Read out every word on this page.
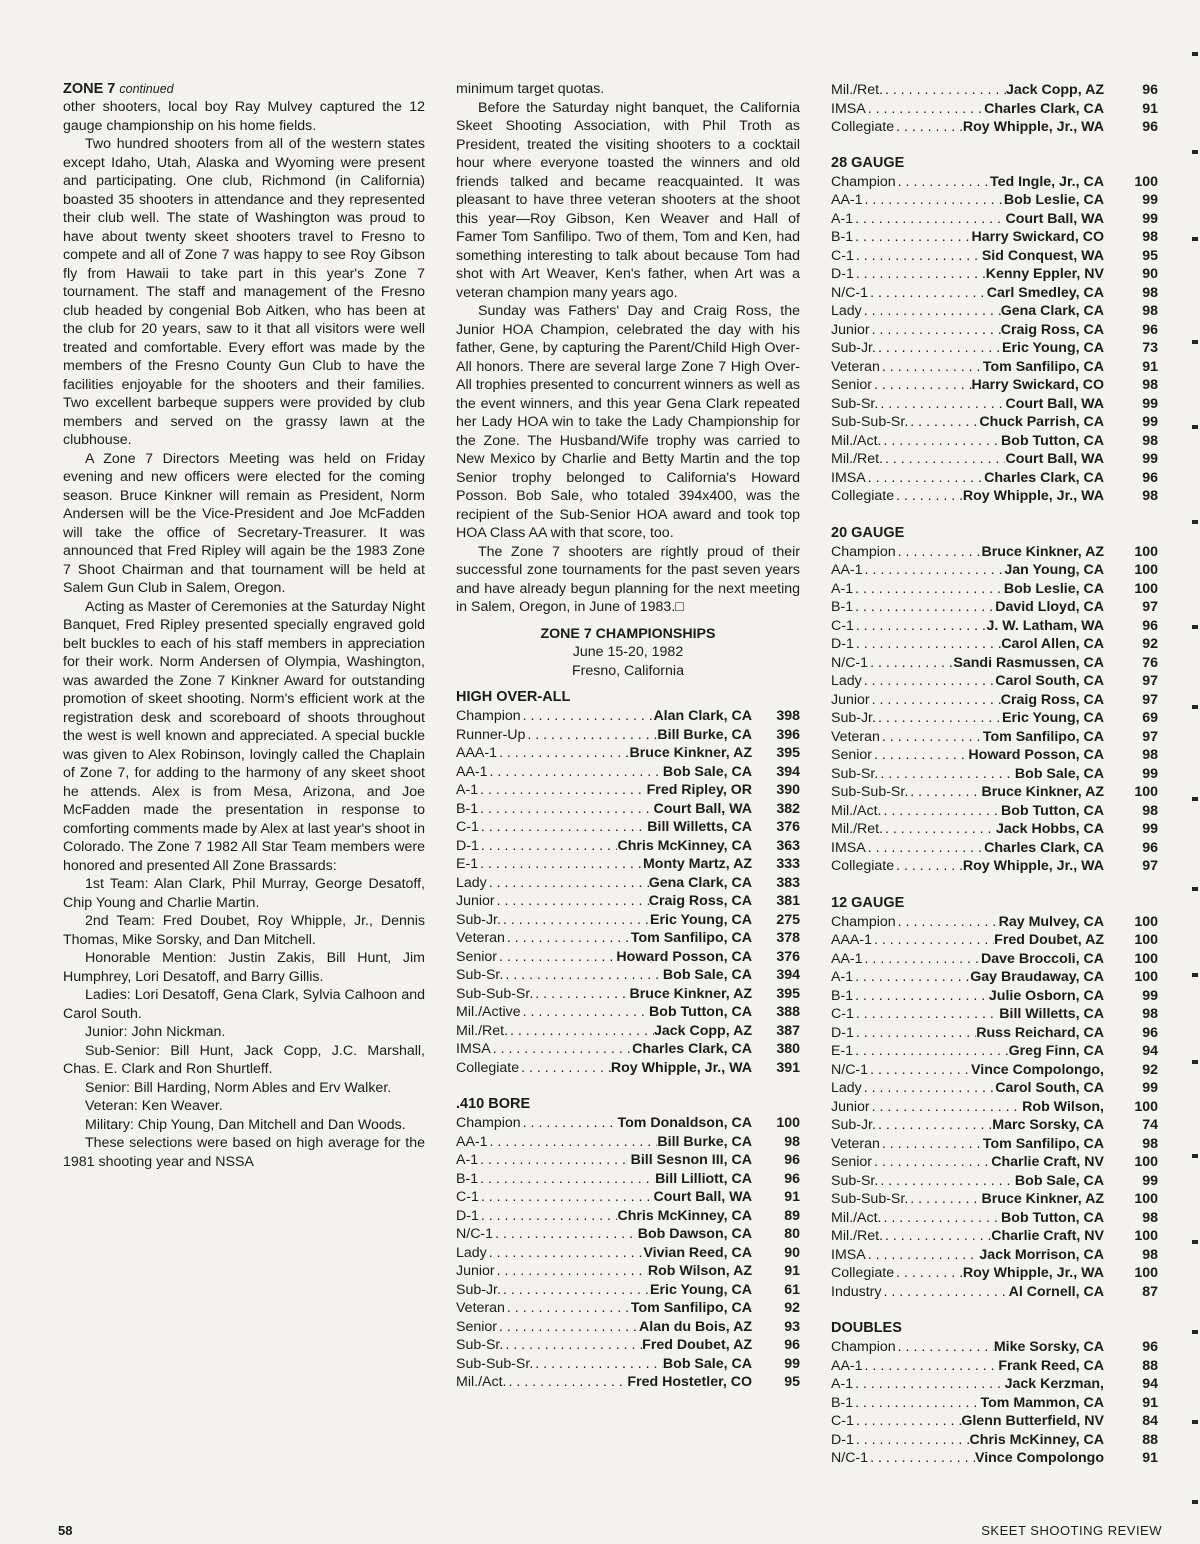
ZONE 7 continued

other shooters, local boy Ray Mulvey captured the 12 gauge championship on his home fields.

Two hundred shooters from all of the western states except Idaho, Utah, Alaska and Wyoming were present and participating. One club, Richmond (in California) boasted 35 shooters in attendance and they represented their club well. The state of Washington was proud to have about twenty skeet shooters travel to Fresno to compete and all of Zone 7 was happy to see Roy Gibson fly from Hawaii to take part in this year's Zone 7 tournament. The staff and management of the Fresno club headed by congenial Bob Aitken, who has been at the club for 20 years, saw to it that all visitors were well treated and comfortable. Every effort was made by the members of the Fresno County Gun Club to have the facilities enjoyable for the shooters and their families. Two excellent barbeque suppers were provided by club members and served on the grassy lawn at the clubhouse.

A Zone 7 Directors Meeting was held on Friday evening and new officers were elected for the coming season. Bruce Kinkner will remain as President, Norm Andersen will be the Vice-President and Joe McFadden will take the office of Secretary-Treasurer. It was announced that Fred Ripley will again be the 1983 Zone 7 Shoot Chairman and that tournament will be held at Salem Gun Club in Salem, Oregon.

Acting as Master of Ceremonies at the Saturday Night Banquet, Fred Ripley presented specially engraved gold belt buckles to each of his staff members in appreciation for their work. Norm Andersen of Olympia, Washington, was awarded the Zone 7 Kinkner Award for outstanding promotion of skeet shooting. Norm's efficient work at the registration desk and scoreboard of shoots throughout the west is well known and appreciated. A special buckle was given to Alex Robinson, lovingly called the Chaplain of Zone 7, for adding to the harmony of any skeet shoot he attends. Alex is from Mesa, Arizona, and Joe McFadden made the presentation in response to comforting comments made by Alex at last year's shoot in Colorado. The Zone 7 1982 All Star Team members were honored and presented All Zone Brassards:

1st Team: Alan Clark, Phil Murray, George Desatoff, Chip Young and Charlie Martin.

2nd Team: Fred Doubet, Roy Whipple, Jr., Dennis Thomas, Mike Sorsky, and Dan Mitchell.

Honorable Mention: Justin Zakis, Bill Hunt, Jim Humphrey, Lori Desatoff, and Barry Gillis.

Ladies: Lori Desatoff, Gena Clark, Sylvia Calhoon and Carol South.

Junior: John Nickman.

Sub-Senior: Bill Hunt, Jack Copp, J.C. Marshall, Chas. E. Clark and Ron Shurtleff.

Senior: Bill Harding, Norm Ables and Erv Walker.

Veteran: Ken Weaver.

Military: Chip Young, Dan Mitchell and Dan Woods.

These selections were based on high average for the 1981 shooting year and NSSA

minimum target quotas.

Before the Saturday night banquet, the California Skeet Shooting Association, with Phil Troth as President, treated the visiting shooters to a cocktail hour where everyone toasted the winners and old friends talked and became reacquainted. It was pleasant to have three veteran shooters at the shoot this year—Roy Gibson, Ken Weaver and Hall of Famer Tom Sanfilipo. Two of them, Tom and Ken, had something interesting to talk about because Tom had shot with Art Weaver, Ken's father, when Art was a veteran champion many years ago.

Sunday was Fathers' Day and Craig Ross, the Junior HOA Champion, celebrated the day with his father, Gene, by capturing the Parent/Child High Over-All honors. There are several large Zone 7 High Over-All trophies presented to concurrent winners as well as the event winners, and this year Gena Clark repeated her Lady HOA win to take the Lady Championship for the Zone. The Husband/Wife trophy was carried to New Mexico by Charlie and Betty Martin and the top Senior trophy belonged to California's Howard Posson. Bob Sale, who totaled 394x400, was the recipient of the Sub-Senior HOA award and took top HOA Class AA with that score, too.

The Zone 7 shooters are rightly proud of their successful zone tournaments for the past seven years and have already begun planning for the next meeting in Salem, Oregon, in June of 1983.□

ZONE 7 CHAMPIONSHIPS
June 15-20, 1982
Fresno, California
HIGH OVER-ALL
Champion . . .	Alan Clark, CA	398
Runner-Up . . .	Bill Burke, CA	396
AAA-1 . . .	Bruce Kinkner, AZ	395
AA-1 . . .	Bob Sale, CA	394
A-1 . . .	Fred Ripley, OR	390
B-1 . . .	Court Ball, WA	382
C-1 . . .	Bill Willetts, CA	376
D-1 . . .	Chris McKinney, CA	363
E-1 . . .	Monty Martz, AZ	333
Lady . . .	Gena Clark, CA	383
Junior . . .	Craig Ross, CA	381
Sub-Jr. . . .	Eric Young, CA	275
Veteran . . .	Tom Sanfilipo, CA	378
Senior . . .	Howard Posson, CA	376
Sub-Sr. . . .	Bob Sale, CA	394
Sub-Sub-Sr. . . .	Bruce Kinkner, AZ	395
Mil./Active . . .	Bob Tutton, CA	388
Mil./Ret. . . .	Jack Copp, AZ	387
IMSA . . .	Charles Clark, CA	380
Collegiate . . .	Roy Whipple, Jr., WA	391
.410 BORE
Champion . . .	Tom Donaldson, CA	100
AA-1 . . .	Bill Burke, CA	98
A-1 . . .	Bill Sesnon III, CA	96
B-1 . . .	Bill Lilliott, CA	96
C-1 . . .	Court Ball, WA	91
D-1 . . .	Chris McKinney, CA	89
N/C-1 . . .	Bob Dawson, CA	80
Lady . . .	Vivian Reed, CA	90
Junior . . .	Rob Wilson, AZ	91
Sub-Jr. . . .	Eric Young, CA	61
Veteran . . .	Tom Sanfilipo, CA	92
Senior . . .	Alan du Bois, AZ	93
Sub-Sr. . . .	Fred Doubet, AZ	96
Sub-Sub-Sr. . . .	Bob Sale, CA	99
Mil./Act. . . .	Fred Hostetler, CO	95
Mil./Ret. . . .	Jack Copp, AZ	96
IMSA . . .	Charles Clark, CA	91
Collegiate . . .	Roy Whipple, Jr., WA	96
28 GAUGE
Champion . . .	Ted Ingle, Jr., CA	100
AA-1 . . .	Bob Leslie, CA	99
A-1 . . .	Court Ball, WA	99
B-1 . . .	Harry Swickard, CO	98
C-1 . . .	Sid Conquest, WA	95
D-1 . . .	Kenny Eppler, NV	90
N/C-1 . . .	Carl Smedley, CA	98
Lady . . .	Gena Clark, CA	98
Junior . . .	Craig Ross, CA	96
Sub-Jr. . . .	Eric Young, CA	73
Veteran . . .	Tom Sanfilipo, CA	91
Senior . . .	Harry Swickard, CO	98
Sub-Sr. . . .	Court Ball, WA	99
Sub-Sub-Sr. . . .	Chuck Parrish, CA	99
Mil./Act. . . .	Bob Tutton, CA	98
Mil./Ret. . . .	Court Ball, WA	99
IMSA . . .	Charles Clark, CA	96
Collegiate . . .	Roy Whipple, Jr., WA	98
20 GAUGE
Champion . . .	Bruce Kinkner, AZ	100
AA-1 . . .	Jan Young, CA	100
A-1 . . .	Bob Leslie, CA	100
B-1 . . .	David Lloyd, CA	97
C-1 . . .	J. W. Latham, WA	96
D-1 . . .	Carol Allen, CA	92
N/C-1 . . .	Sandi Rasmussen, CA	76
Lady . . .	Carol South, CA	97
Junior . . .	Craig Ross, CA	97
Sub-Jr. . . .	Eric Young, CA	69
Veteran . . .	Tom Sanfilipo, CA	97
Senior . . .	Howard Posson, CA	98
Sub-Sr. . . .	Bob Sale, CA	99
Sub-Sub-Sr. . . .	Bruce Kinkner, AZ	100
Mil./Act. . . .	Bob Tutton, CA	98
Mil./Ret. . . .	Jack Hobbs, CA	99
IMSA . . .	Charles Clark, CA	96
Collegiate . . .	Roy Whipple, Jr., WA	97
12 GAUGE
Champion . . .	Ray Mulvey, CA	100
AAA-1 . . .	Fred Doubet, AZ	100
AA-1 . . .	Dave Broccoli, CA	100
A-1 . . .	Gay Braudaway, CA	100
B-1 . . .	Julie Osborn, CA	99
C-1 . . .	Bill Willetts, CA	98
D-1 . . .	Russ Reichard, CA	96
E-1 . . .	Greg Finn, CA	94
N/C-1 . . .	Vince Compolongo,	92
Lady . . .	Carol South, CA	99
Junior . . .	Rob Wilson,	100
Sub-Jr. . . .	Marc Sorsky, CA	74
Veteran . . .	Tom Sanfilipo, CA	98
Senior . . .	Charlie Craft, NV	100
Sub-Sr. . . .	Bob Sale, CA	99
Sub-Sub-Sr. . . .	Bruce Kinkner, AZ	100
Mil./Act. . . .	Bob Tutton, CA	98
Mil./Ret. . . .	Charlie Craft, NV	100
IMSA . . .	Jack Morrison, CA	98
Collegiate . . .	Roy Whipple, Jr., WA	100
Industry . . .	Al Cornell, CA	87
DOUBLES
Champion . . .	Mike Sorsky, CA	96
AA-1 . . .	Frank Reed, CA	88
A-1 . . .	Jack Kerzman,	94
B-1 . . .	Tom Mammon, CA	91
C-1 . . .	Glenn Butterfield, NV	84
D-1 . . .	Chris McKinney, CA	88
N/C-1 . . .	Vince Compolongo	91
58	SKEET SHOOTING REVIEW
